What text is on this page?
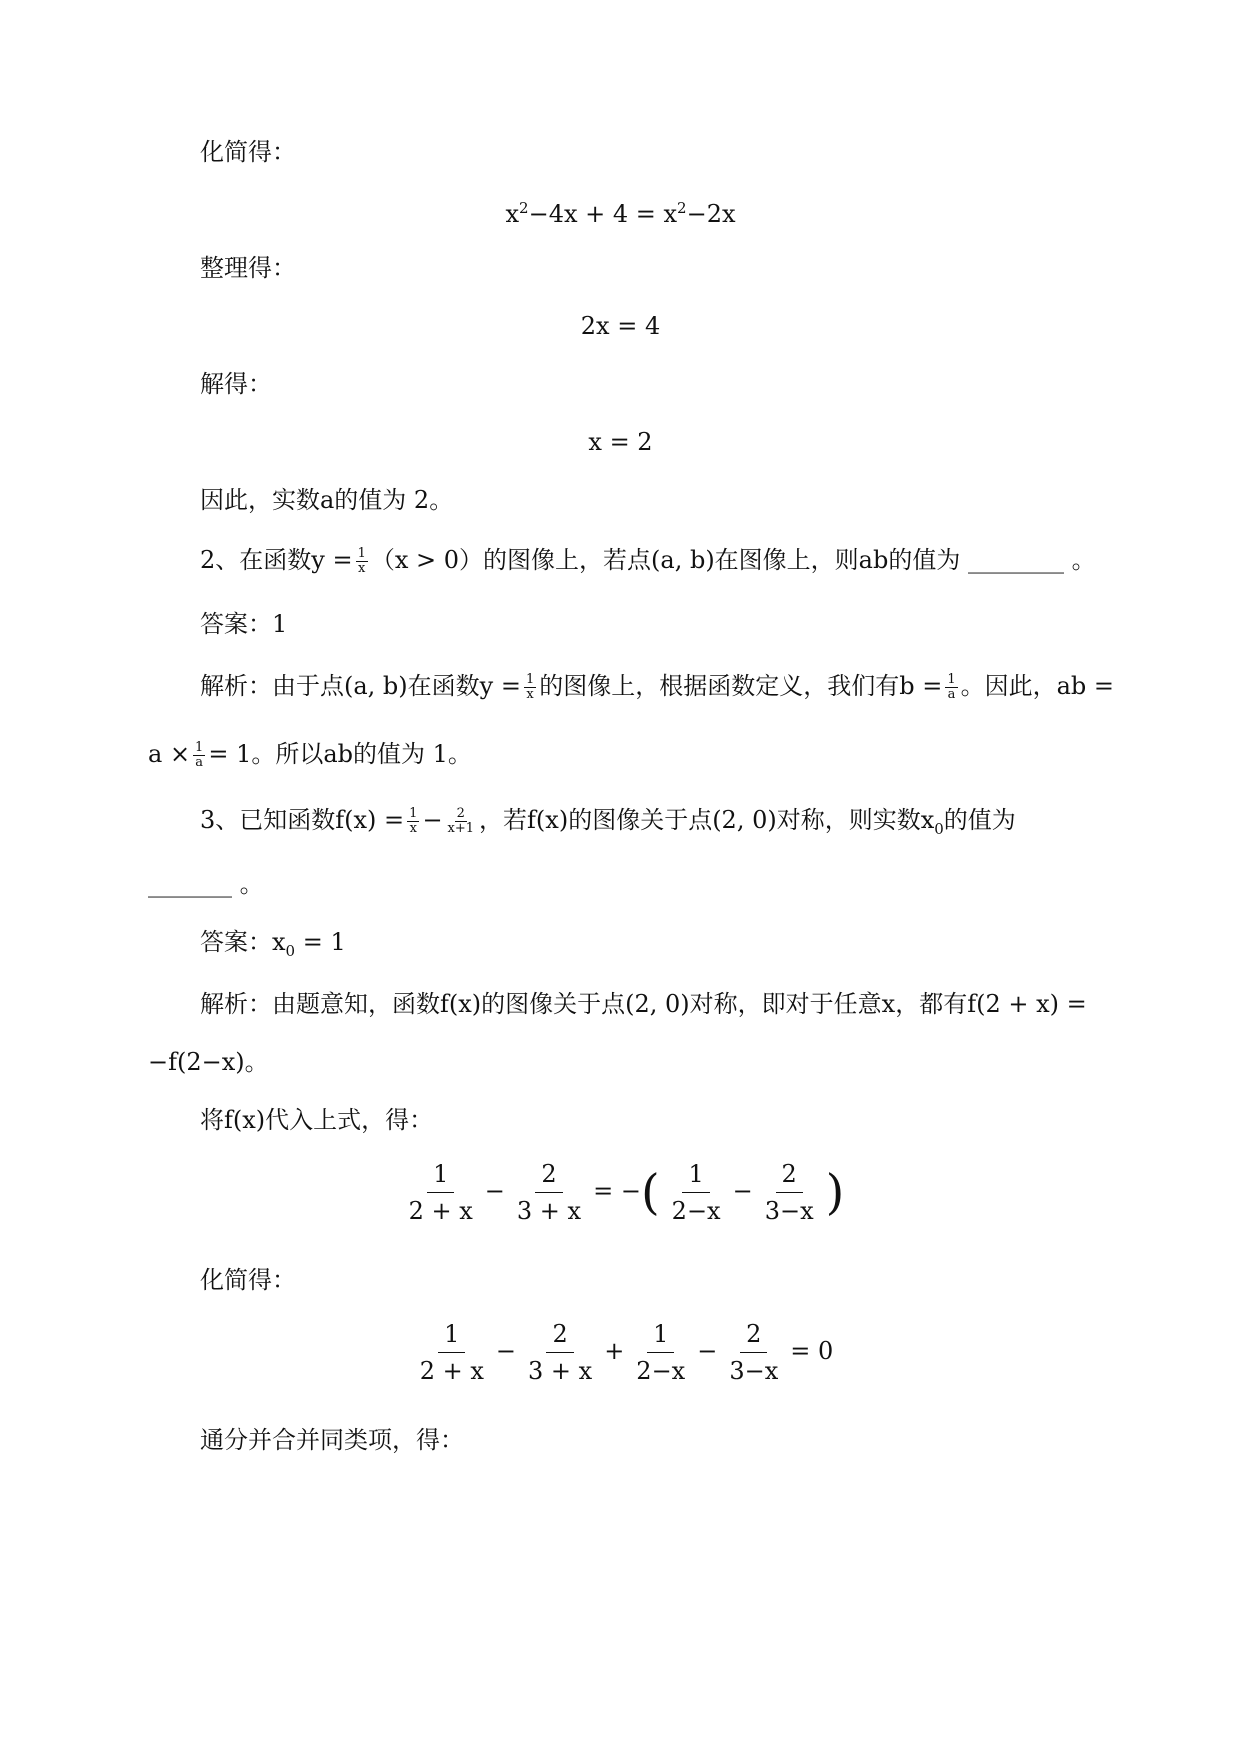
化简得：
$x^2-4x + 4 = x^2-2x$
整理得：
2x = 4
解得：
x = 2
因此，实数a的值为 2。
2、在函数$y = \frac{1}{x} (x > 0)$的图像上，若点(a, b)在图像上，则ab的值为 ________ 。
答案：1
解析：由于点(a, b)在函数$y = \frac{1}{x}$ 的图像上，根据函数定义，我们有$b = \frac{1}{a}$ 。因此，ab =
$a \times \frac{1}{a} = 1$。所以ab的值为 1。
3、已知函数$f(x) = \frac{1}{x} - \frac{2}{x+1}$ ，若f(x)的图像关于点(2, 0)对称，则实数$x_0$的值为
_______ 。
答案：$x_0 = 1$
解析：由题意知，函数f(x)的图像关于点(2, 0)对称，即对于任意x，都有f(2 + x) =
−f(2−x)。
将f(x)代入上式，得：
$\frac{1}{2 + x} - \frac{2}{3 + x}$ = −( $\frac{1}{2-x} - \frac{2}{3-x}$ )
化简得：
$\frac{1}{2 + x} - \frac{2}{3 + x} + \frac{1}{2-x} - \frac{2}{3-x} = 0$
通分并合并同类项，得：
